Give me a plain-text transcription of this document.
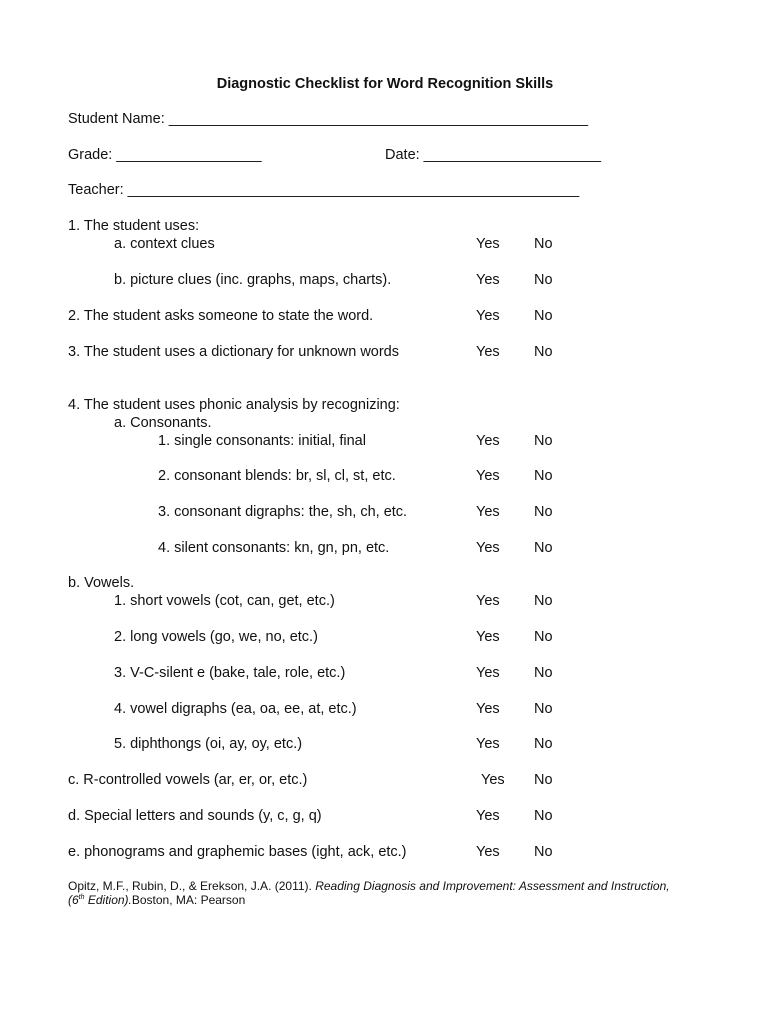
Diagnostic Checklist for Word Recognition Skills
Student Name: ____________________________________________________
Grade: __________________	Date: ______________________
Teacher: ________________________________________________________
1. The student uses:
a. context clues	Yes No
b. picture clues (inc. graphs, maps, charts).	Yes No
2. The student asks someone to state the word.	Yes No
3. The student uses a dictionary for unknown words	Yes No
4. The student uses phonic analysis by recognizing:
a. Consonants.
1. single consonants: initial, final	Yes No
2. consonant blends: br, sl, cl, st, etc.	Yes No
3. consonant digraphs: the, sh, ch, etc.	Yes No
4. silent consonants: kn, gn, pn, etc.	Yes No
b. Vowels.
1. short vowels (cot, can, get, etc.)	Yes No
2. long vowels (go, we, no, etc.)	Yes No
3. V-C-silent e (bake, tale, role, etc.)	Yes No
4. vowel digraphs (ea, oa, ee, at, etc.)	Yes No
5. diphthongs (oi, ay, oy, etc.)	Yes No
c. R-controlled vowels (ar, er, or, etc.)	Yes No
d. Special letters and sounds (y, c, g, q)	Yes No
e. phonograms and graphemic bases (ight, ack, etc.)	Yes No
Opitz, M.F., Rubin, D., & Erekson, J.A. (2011). Reading Diagnosis and Improvement: Assessment and Instruction,
(6th Edition).Boston, MA: Pearson
